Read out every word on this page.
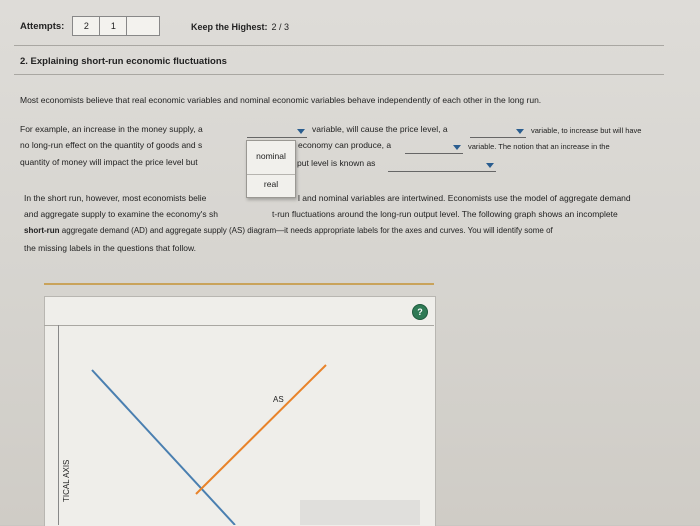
Attempts:	2	1	Keep the Highest: 2 / 3
2. Explaining short-run economic fluctuations
Most economists believe that real economic variables and nominal economic variables behave independently of each other in the long run.
For example, an increase in the money supply, a	variable, will cause the price level, a	variable, to increase but will have
no long-run effect on the quantity of goods and s	economy can produce, a	variable. The notion that an increase in the
quantity of money will impact the price level but	put level is known as
nominal
real
In the short run, however, most economists belie	l and nominal variables are intertwined. Economists use the model of aggregate demand
and aggregate supply to examine the economy's sh	t-run fluctuations around the long-run output level. The following graph shows an incomplete
short-run aggregate demand (AD) and aggregate supply (AS) diagram—it needs appropriate labels for the axes and curves. You will identify some of
the missing labels in the questions that follow.
?
TICAL AXIS
AS
